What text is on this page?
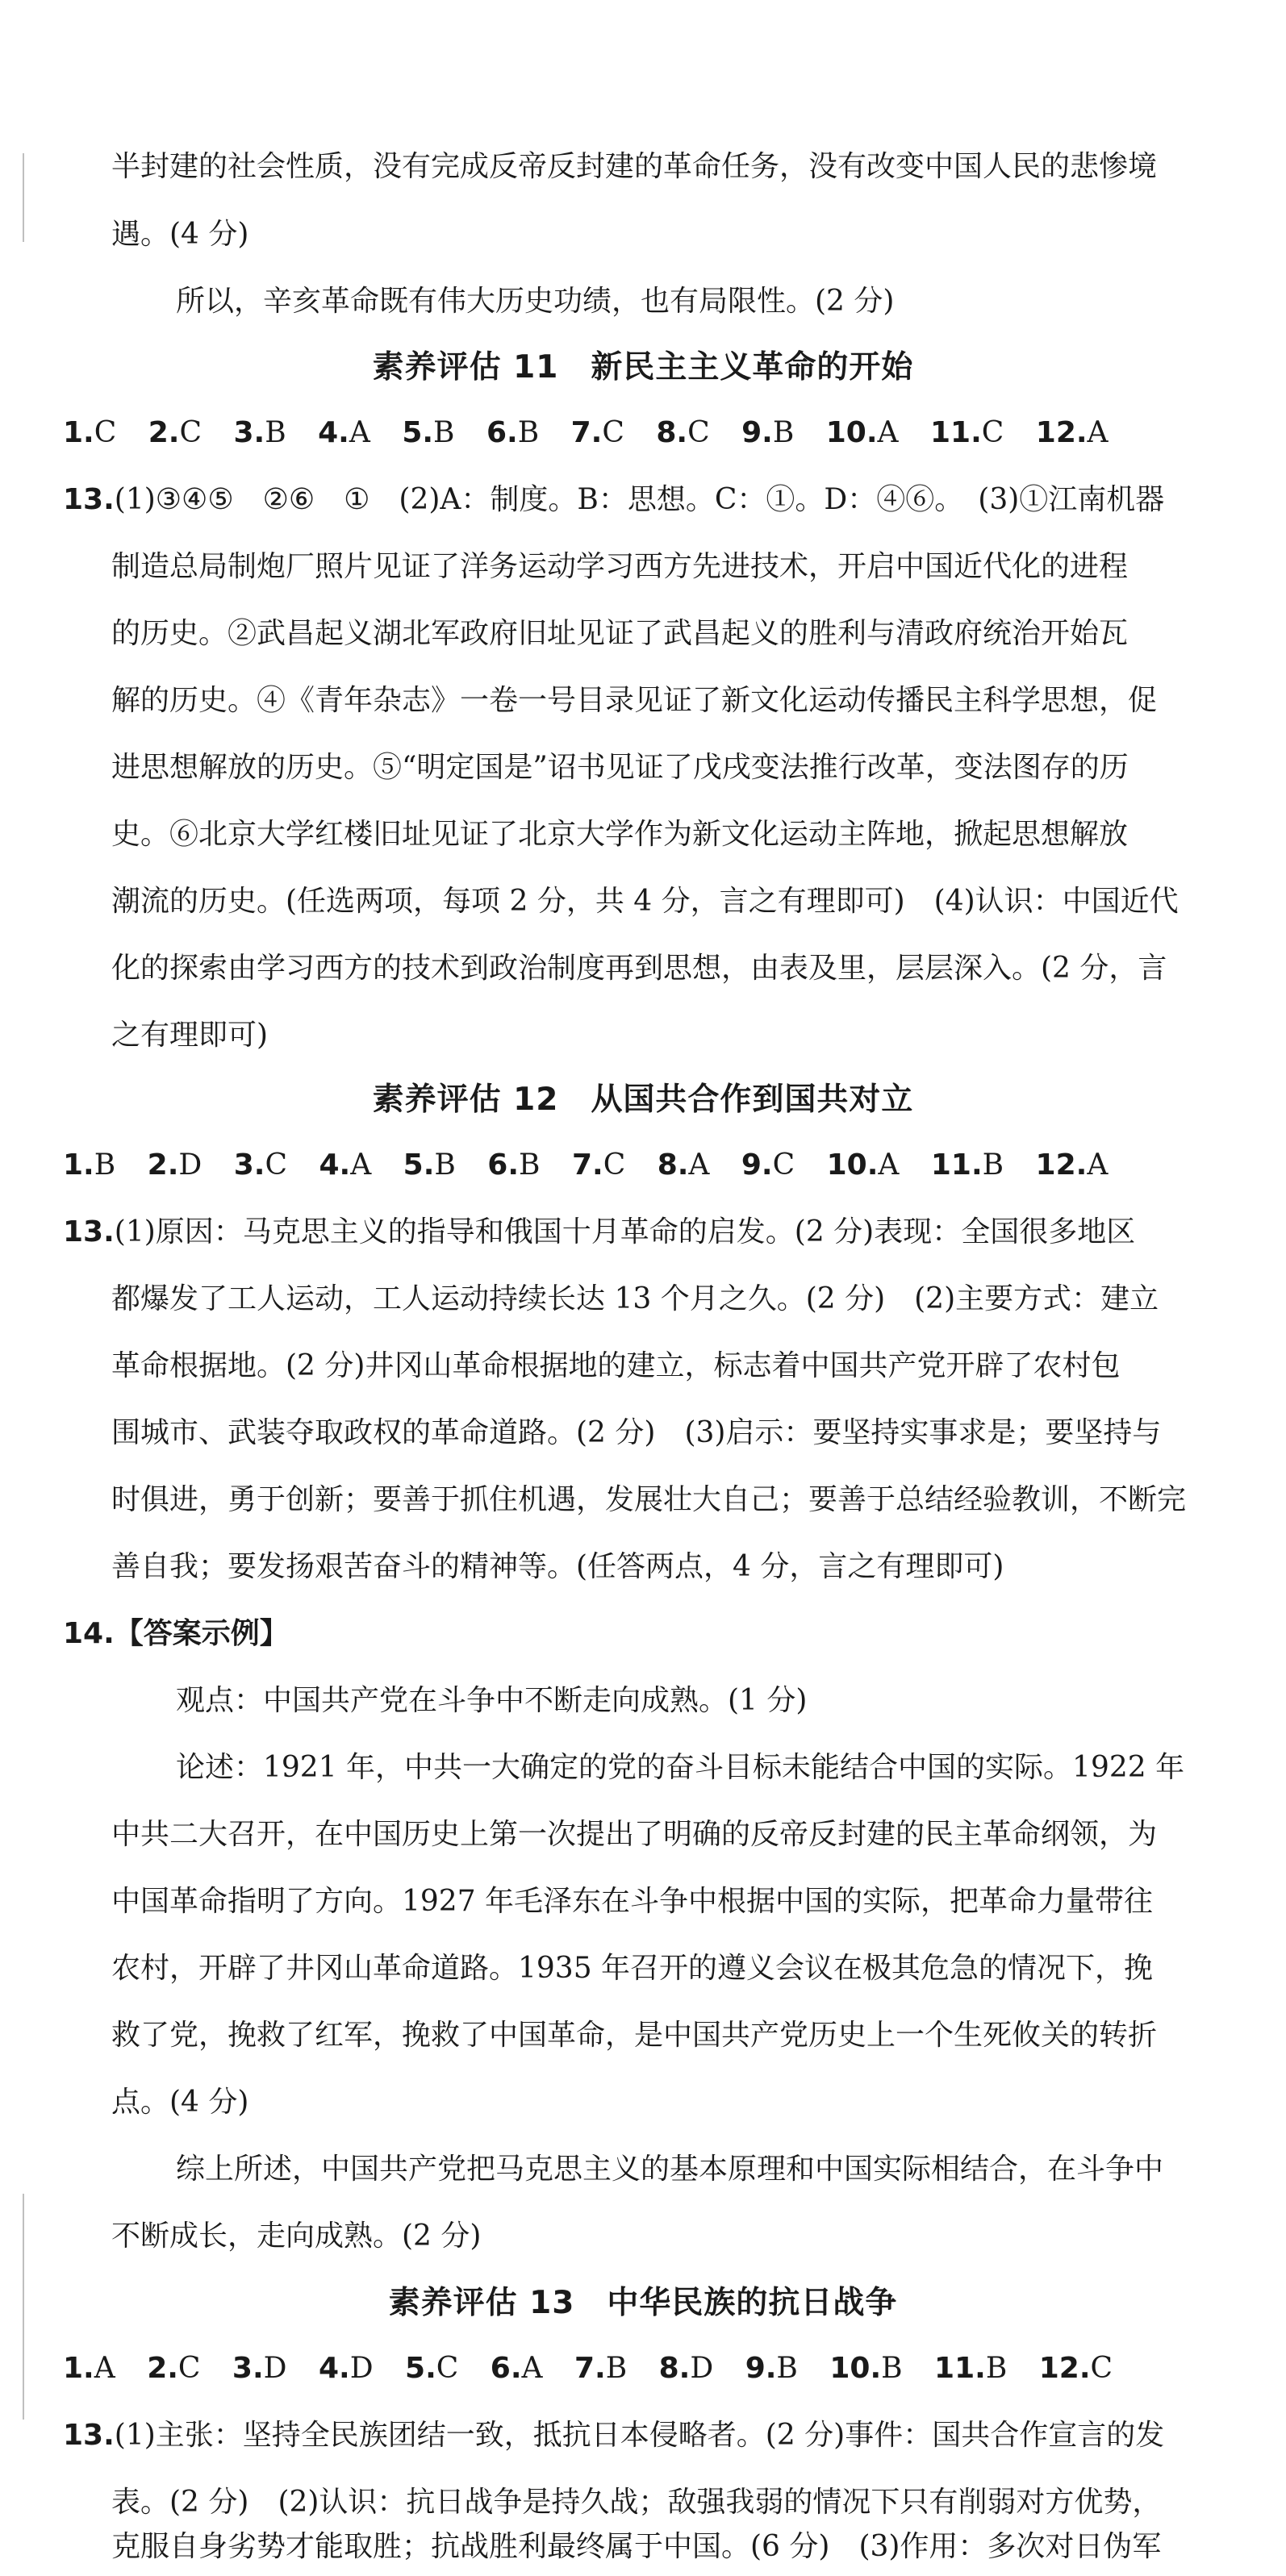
半封建的社会性质，没有完成反帝反封建的革命任务，没有改变中国人民的悲惨境
遇。(4 分)
所以，辛亥革命既有伟大历史功绩，也有局限性。(2 分)
素养评估 11　新民主主义革命的开始
1.C 2.C 3.B 4.A 5.B 6.B 7.C 8.C 9.B 10.A 11.C 12.A
13.(1)③④⑤　②⑥　①　(2)A：制度。B：思想。C：①。D：④⑥。　(3)①江南机器
制造总局制炮厂照片见证了洋务运动学习西方先进技术，开启中国近代化的进程
的历史。②武昌起义湖北军政府旧址见证了武昌起义的胜利与清政府统治开始瓦
解的历史。④《青年杂志》一卷一号目录见证了新文化运动传播民主科学思想，促
进思想解放的历史。⑤“明定国是”诏书见证了戊戌变法推行改革，变法图存的历
史。⑥北京大学红楼旧址见证了北京大学作为新文化运动主阵地，掀起思想解放
潮流的历史。(任选两项，每项 2 分，共 4 分，言之有理即可)　(4)认识：中国近代
化的探索由学习西方的技术到政治制度再到思想，由表及里，层层深入。(2 分，言
之有理即可)
素养评估 12　从国共合作到国共对立
1.B 2.D 3.C 4.A 5.B 6.B 7.C 8.A 9.C 10.A 11.B 12.A
13.(1)原因：马克思主义的指导和俄国十月革命的启发。(2 分)表现：全国很多地区
都爆发了工人运动，工人运动持续长达 13 个月之久。(2 分)　(2)主要方式：建立
革命根据地。(2 分)井冈山革命根据地的建立，标志着中国共产党开辟了农村包
围城市、武装夺取政权的革命道路。(2 分)　(3)启示：要坚持实事求是；要坚持与
时俱进，勇于创新；要善于抓住机遇，发展壮大自己；要善于总结经验教训，不断完
善自我；要发扬艰苦奋斗的精神等。(任答两点，4 分，言之有理即可)
14.【答案示例】
观点：中国共产党在斗争中不断走向成熟。(1 分)
论述：1921 年，中共一大确定的党的奋斗目标未能结合中国的实际。1922 年
中共二大召开，在中国历史上第一次提出了明确的反帝反封建的民主革命纲领，为
中国革命指明了方向。1927 年毛泽东在斗争中根据中国的实际，把革命力量带往
农村，开辟了井冈山革命道路。1935 年召开的遵义会议在极其危急的情况下，挽
救了党，挽救了红军，挽救了中国革命，是中国共产党历史上一个生死攸关的转折
点。(4 分)
综上所述，中国共产党把马克思主义的基本原理和中国实际相结合，在斗争中
不断成长，走向成熟。(2 分)
素养评估 13　中华民族的抗日战争
1.A 2.C 3.D 4.D 5.C 6.A 7.B 8.D 9.B 10.B 11.B 12.C
13.(1)主张：坚持全民族团结一致，抵抗日本侵略者。(2 分)事件：国共合作宣言的发
表。(2 分)　(2)认识：抗日战争是持久战；敌强我弱的情况下只有削弱对方优势，
克服自身劣势才能取胜；抗战胜利最终属于中国。(6 分)　(3)作用：多次对日伪军
